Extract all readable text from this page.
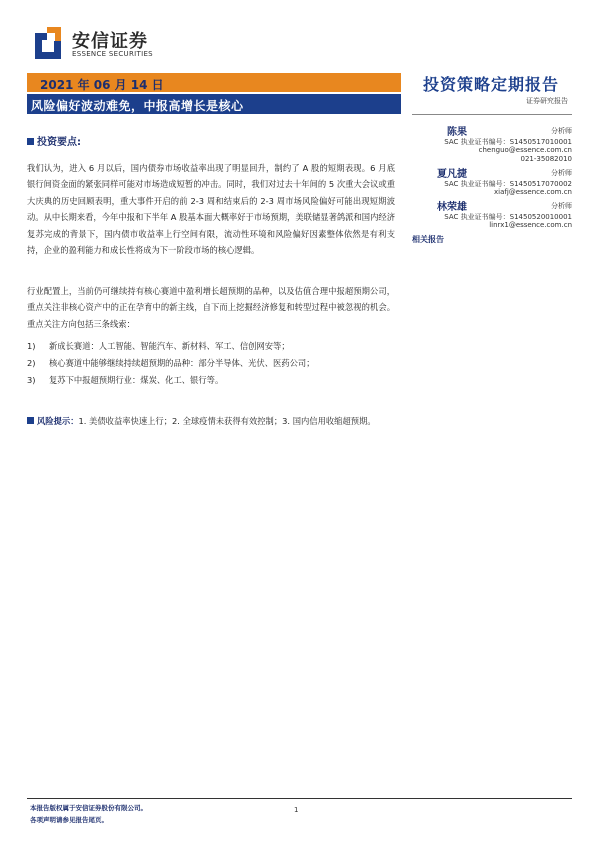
安信证券
ESSENCE SECURITIES
2021 年 06 月 14 日
风险偏好波动难免，中报高增长是核心
投资策略定期报告
证券研究报告
投资要点:
我们认为，进入 6 月以后，国内债券市场收益率出现了明显回升，制约了 A 股的短期表现。6 月底银行间资金面的紧张同样可能对市场造成短暂的冲击。同时，我们对过去十年间的 5 次重大会议或重大庆典的历史回顾表明，重大事件开启的前 2-3 周和结束后的 2-3 周市场风险偏好可能出现短期波动。从中长期来看，今年中报和下半年 A 股基本面大概率好于市场预期，美联储显著鸽派和国内经济复苏完成的背景下，国内债市收益率上行空间有限，流动性环境和风险偏好因素整体依然是有利支持，企业的盈利能力和成长性将成为下一阶段市场的核心逻辑。
行业配置上，当前仍可继续持有核心赛道中盈利增长超预期的品种，以及估值合理中报超预期公司，重点关注非核心资产中的正在孕育中的新主线，自下而上挖掘经济修复和转型过程中被忽视的机会。重点关注方向包括三条线索：
1) 新成长赛道：人工智能、智能汽车、新材料、军工、信创网安等；
2) 核心赛道中能够继续持续超预期的品种：部分半导体、光伏、医药公司；
3) 复苏下中报超预期行业：煤炭、化工、银行等。
风险提示：1. 美债收益率快速上行；2. 全球疫情未获得有效控制；3. 国内信用收缩超预期。
陈果	分析师
SAC 执业证书编号：S1450517010001
chenguo@essence.com.cn
021-35082010
夏凡捷	分析师
SAC 执业证书编号：S1450517070002
xiafj@essence.com.cn
林荣雄	分析师
SAC 执业证书编号：S1450520010001
linrx1@essence.com.cn
相关报告
本报告版权属于安信证券股份有限公司。
各项声明请参见报告尾页。
1
